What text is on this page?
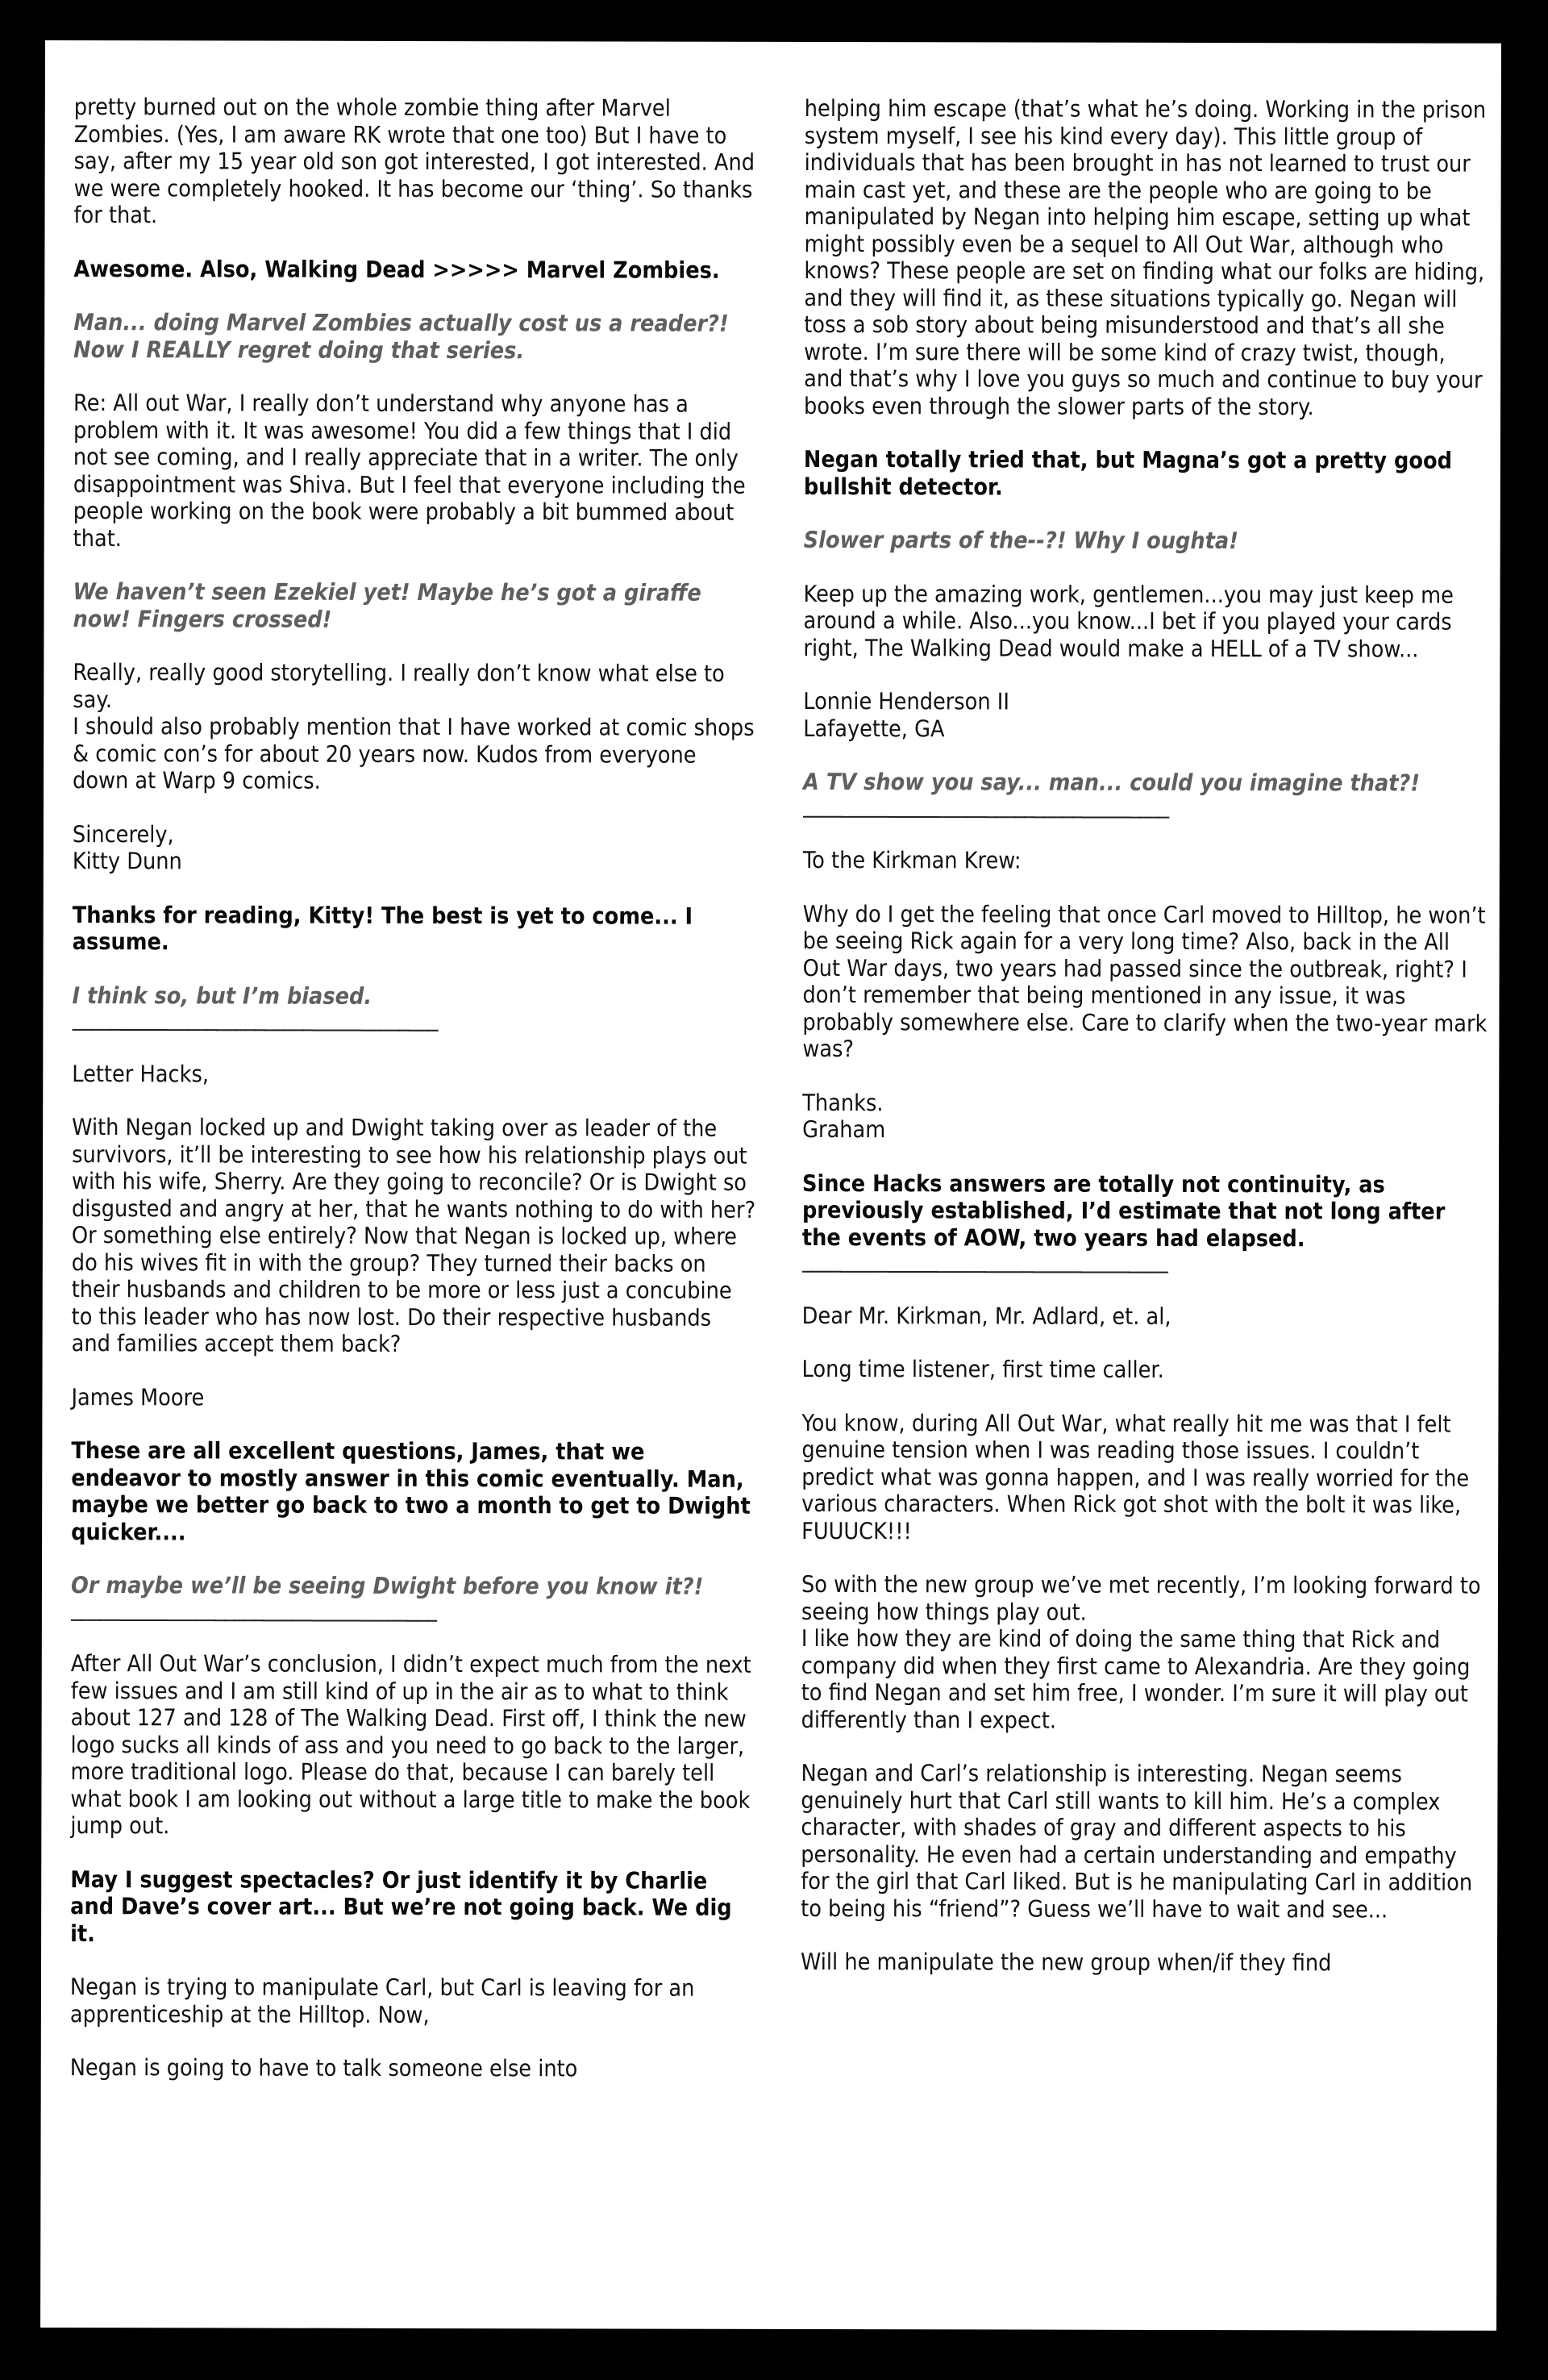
pretty burned out on the whole zombie thing after Marvel Zombies. (Yes, I am aware RK wrote that one too) But I have to say, after my 15 year old son got interested, I got interested. And we were completely hooked. It has become our ‘thing’. So thanks for that.

Awesome. Also, Walking Dead >>>>> Marvel Zombies.

Man... doing Marvel Zombies actually cost us a reader?! Now I REALLY regret doing that series.

Re: All out War, I really don’t understand why anyone has a problem with it. It was awesome! You did a few things that I did not see coming, and I really appreciate that in a writer. The only disappointment was Shiva. But I feel that everyone including the people working on the book were probably a bit bummed about that.

We haven’t seen Ezekiel yet! Maybe he’s got a giraffe now! Fingers crossed!

Really, really good storytelling. I really don’t know what else to say.
I should also probably mention that I have worked at comic shops & comic con’s for about 20 years now. Kudos from everyone down at Warp 9 comics.

Sincerely,
Kitty Dunn

Thanks for reading, Kitty! The best is yet to come... I assume.

I think so, but I’m biased.

______________________________________

Letter Hacks,

With Negan locked up and Dwight taking over as leader of the survivors, it’ll be interesting to see how his relationship plays out with his wife, Sherry. Are they going to reconcile? Or is Dwight so disgusted and angry at her, that he wants nothing to do with her? Or something else entirely? Now that Negan is locked up, where do his wives fit in with the group? They turned their backs on their husbands and children to be more or less just a concubine to this leader who has now lost. Do their respective husbands and families accept them back?

James Moore

These are all excellent questions, James, that we endeavor to mostly answer in this comic eventually. Man, maybe we better go back to two a month to get to Dwight quicker....

Or maybe we’ll be seeing Dwight before you know it?!

______________________________________

After All Out War’s conclusion, I didn’t expect much from the next few issues and I am still kind of up in the air as to what to think about 127 and 128 of The Walking Dead. First off, I think the new logo sucks all kinds of ass and you need to go back to the larger, more traditional logo. Please do that, because I can barely tell what book I am looking out without a large title to make the book jump out.

May I suggest spectacles? Or just identify it by Charlie and Dave’s cover art... But we’re not going back. We dig it.

Negan is trying to manipulate Carl, but Carl is leaving for an apprenticeship at the Hilltop. Now,

Negan is going to have to talk someone else into

helping him escape (that’s what he’s doing. Working in the prison system myself, I see his kind every day). This little group of individuals that has been brought in has not learned to trust our main cast yet, and these are the people who are going to be manipulated by Negan into helping him escape, setting up what might possibly even be a sequel to All Out War, although who knows? These people are set on finding what our folks are hiding, and they will find it, as these situations typically go. Negan will toss a sob story about being misunderstood and that’s all she wrote. I’m sure there will be some kind of crazy twist, though, and that’s why I love you guys so much and continue to buy your books even through the slower parts of the story.

Negan totally tried that, but Magna’s got a pretty good bullshit detector.

Slower parts of the--?! Why I oughta!

Keep up the amazing work, gentlemen...you may just keep me around a while. Also...you know...I bet if you played your cards right, The Walking Dead would make a HELL of a TV show...

Lonnie Henderson II
Lafayette, GA

A TV show you say... man... could you imagine that?!

______________________________________

To the Kirkman Krew:

Why do I get the feeling that once Carl moved to Hilltop, he won’t be seeing Rick again for a very long time? Also, back in the All Out War days, two years had passed since the outbreak, right? I don’t remember that being mentioned in any issue, it was probably somewhere else. Care to clarify when the two-year mark was?

Thanks.
Graham

Since Hacks answers are totally not continuity, as previously established, I’d estimate that not long after the events of AOW, two years had elapsed.

______________________________________

Dear Mr. Kirkman, Mr. Adlard, et. al,

Long time listener, first time caller.

You know, during All Out War, what really hit me was that I felt genuine tension when I was reading those issues. I couldn’t predict what was gonna happen, and I was really worried for the various characters. When Rick got shot with the bolt it was like, FUUUCK!!!

So with the new group we’ve met recently, I’m looking forward to seeing how things play out.
I like how they are kind of doing the same thing that Rick and company did when they first came to Alexandria. Are they going to find Negan and set him free, I wonder. I’m sure it will play out differently than I expect.

Negan and Carl’s relationship is interesting. Negan seems genuinely hurt that Carl still wants to kill him. He’s a complex character, with shades of gray and different aspects to his personality. He even had a certain understanding and empathy for the girl that Carl liked. But is he manipulating Carl in addition to being his “friend”? Guess we’ll have to wait and see...

Will he manipulate the new group when/if they find
